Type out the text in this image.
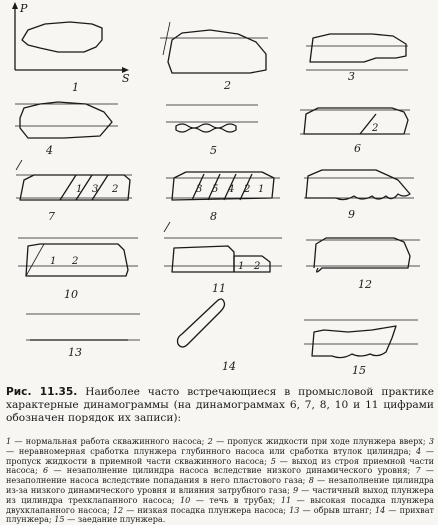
P
S
1	2
3
4	5
2
6
1 3 2
7
3 5 4 2 1
8	9
1 2
10
1 2
11	12
13
14	15
Рис. 11.35. Наиболее часто встречающиеся в промысловой практике характерные динамограммы (на динамограммах 6, 7, 8, 10 и 11 цифрами обозначен порядок их записи):
1 — нормальная работа скважинного насоса; 2 — пропуск жидкости при ходе плунжера вверх; 3 — неравномерная сработка плунжера глубинного насоса или сработка втулок цилиндра; 4 — пропуск жидкости в приемной части скважинного насоса; 5 — выход из строя приемной части насоса; 6 — незаполнение цилиндра насоса вследствие низкого динамического уровня; 7 — незаполнение насоса вследствие попадания в него пластового газа; 8 — незаполнение цилиндра из-за низкого динамического уровня и влияния затрубного газа; 9 — частичный выход плунжера из цилиндра трехклапанного насоса; 10 — течь в трубах; 11 — высокая посадка плунжера двухклапанного насоса; 12 — низкая посадка плунжера насоса; 13 — обрыв штанг; 14 — прихват плунжера; 15 — заедание плунжера.
